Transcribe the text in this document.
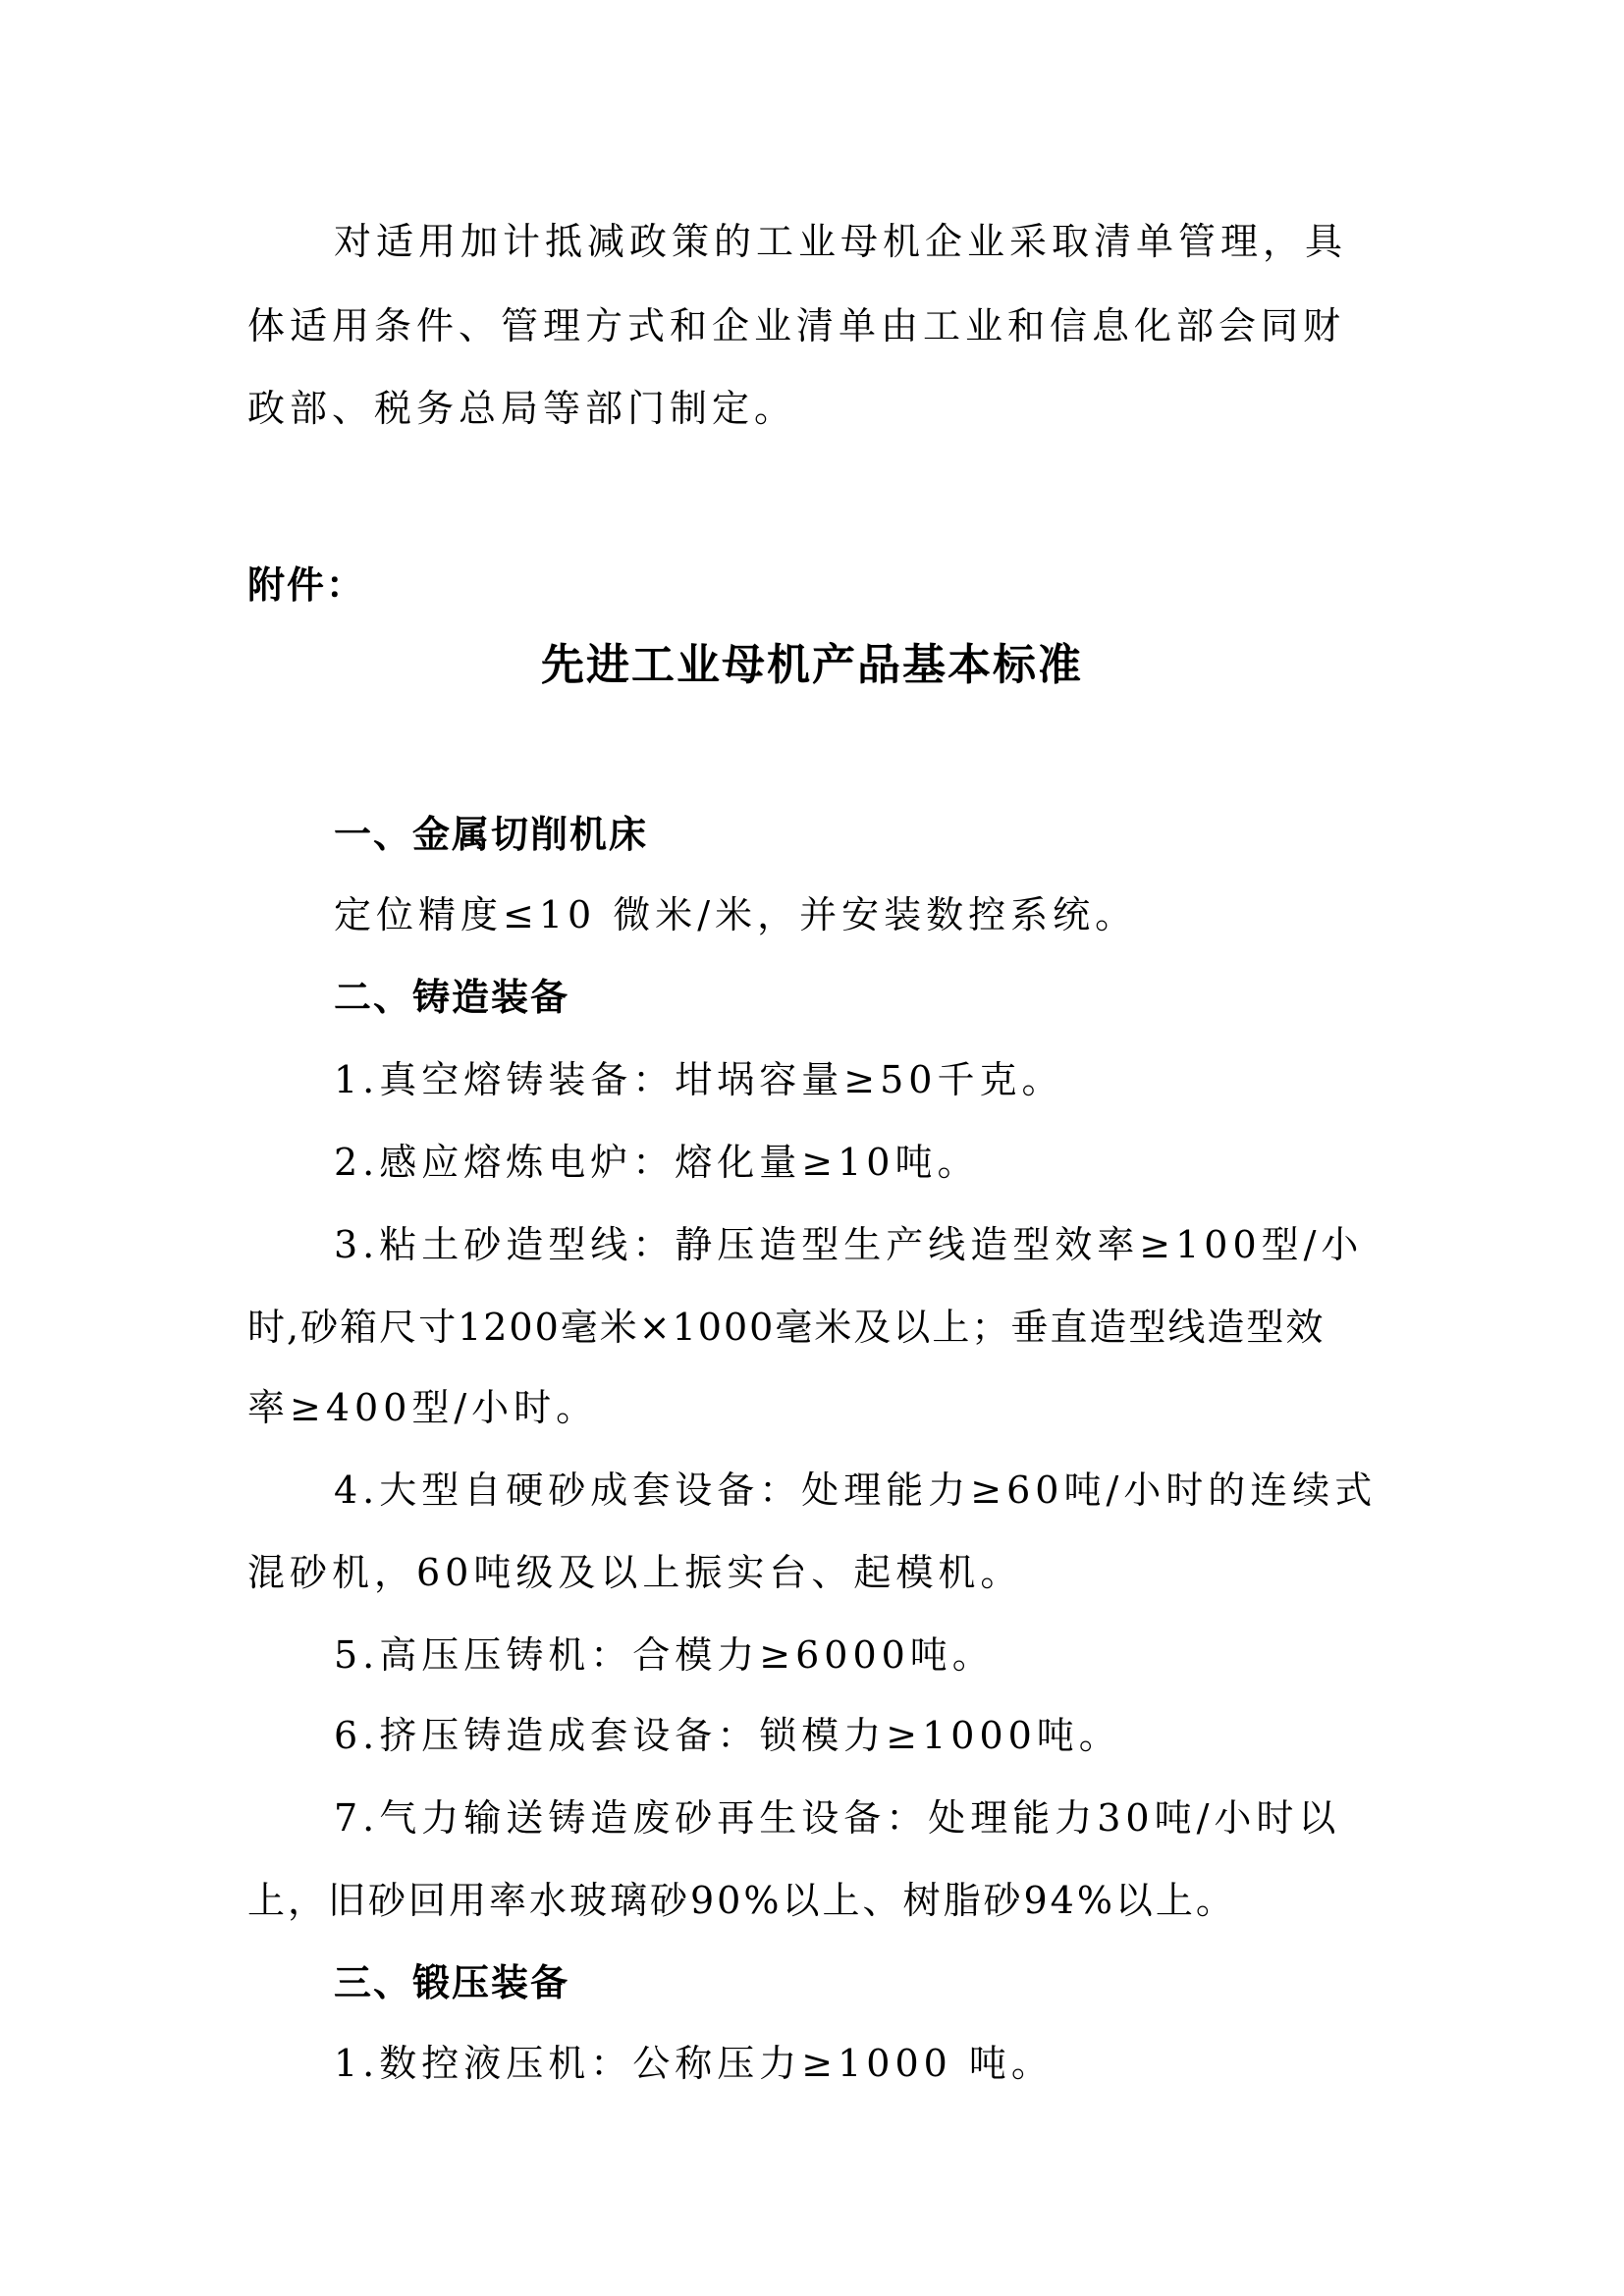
对适用加计抵减政策的工业母机企业采取清单管理，具
体适用条件、管理方式和企业清单由工业和信息化部会同财
政部、税务总局等部门制定。
附件：
先进工业母机产品基本标准
一、金属切削机床
定位精度≤10 微米/米，并安装数控系统。
二、铸造装备
1.真空熔铸装备：坩埚容量≥50千克。
2.感应熔炼电炉：熔化量≥10吨。
3.粘土砂造型线：静压造型生产线造型效率≥100型/小
时,砂箱尺寸1200毫米×1000毫米及以上；垂直造型线造型效
率≥400型/小时。
4.大型自硬砂成套设备：处理能力≥60吨/小时的连续式
混砂机，60吨级及以上振实台、起模机。
5.高压压铸机：合模力≥6000吨。
6.挤压铸造成套设备：锁模力≥1000吨。
7.气力输送铸造废砂再生设备：处理能力30吨/小时以
上，旧砂回用率水玻璃砂90%以上、树脂砂94%以上。
三、锻压装备
1.数控液压机：公称压力≥1000 吨。
